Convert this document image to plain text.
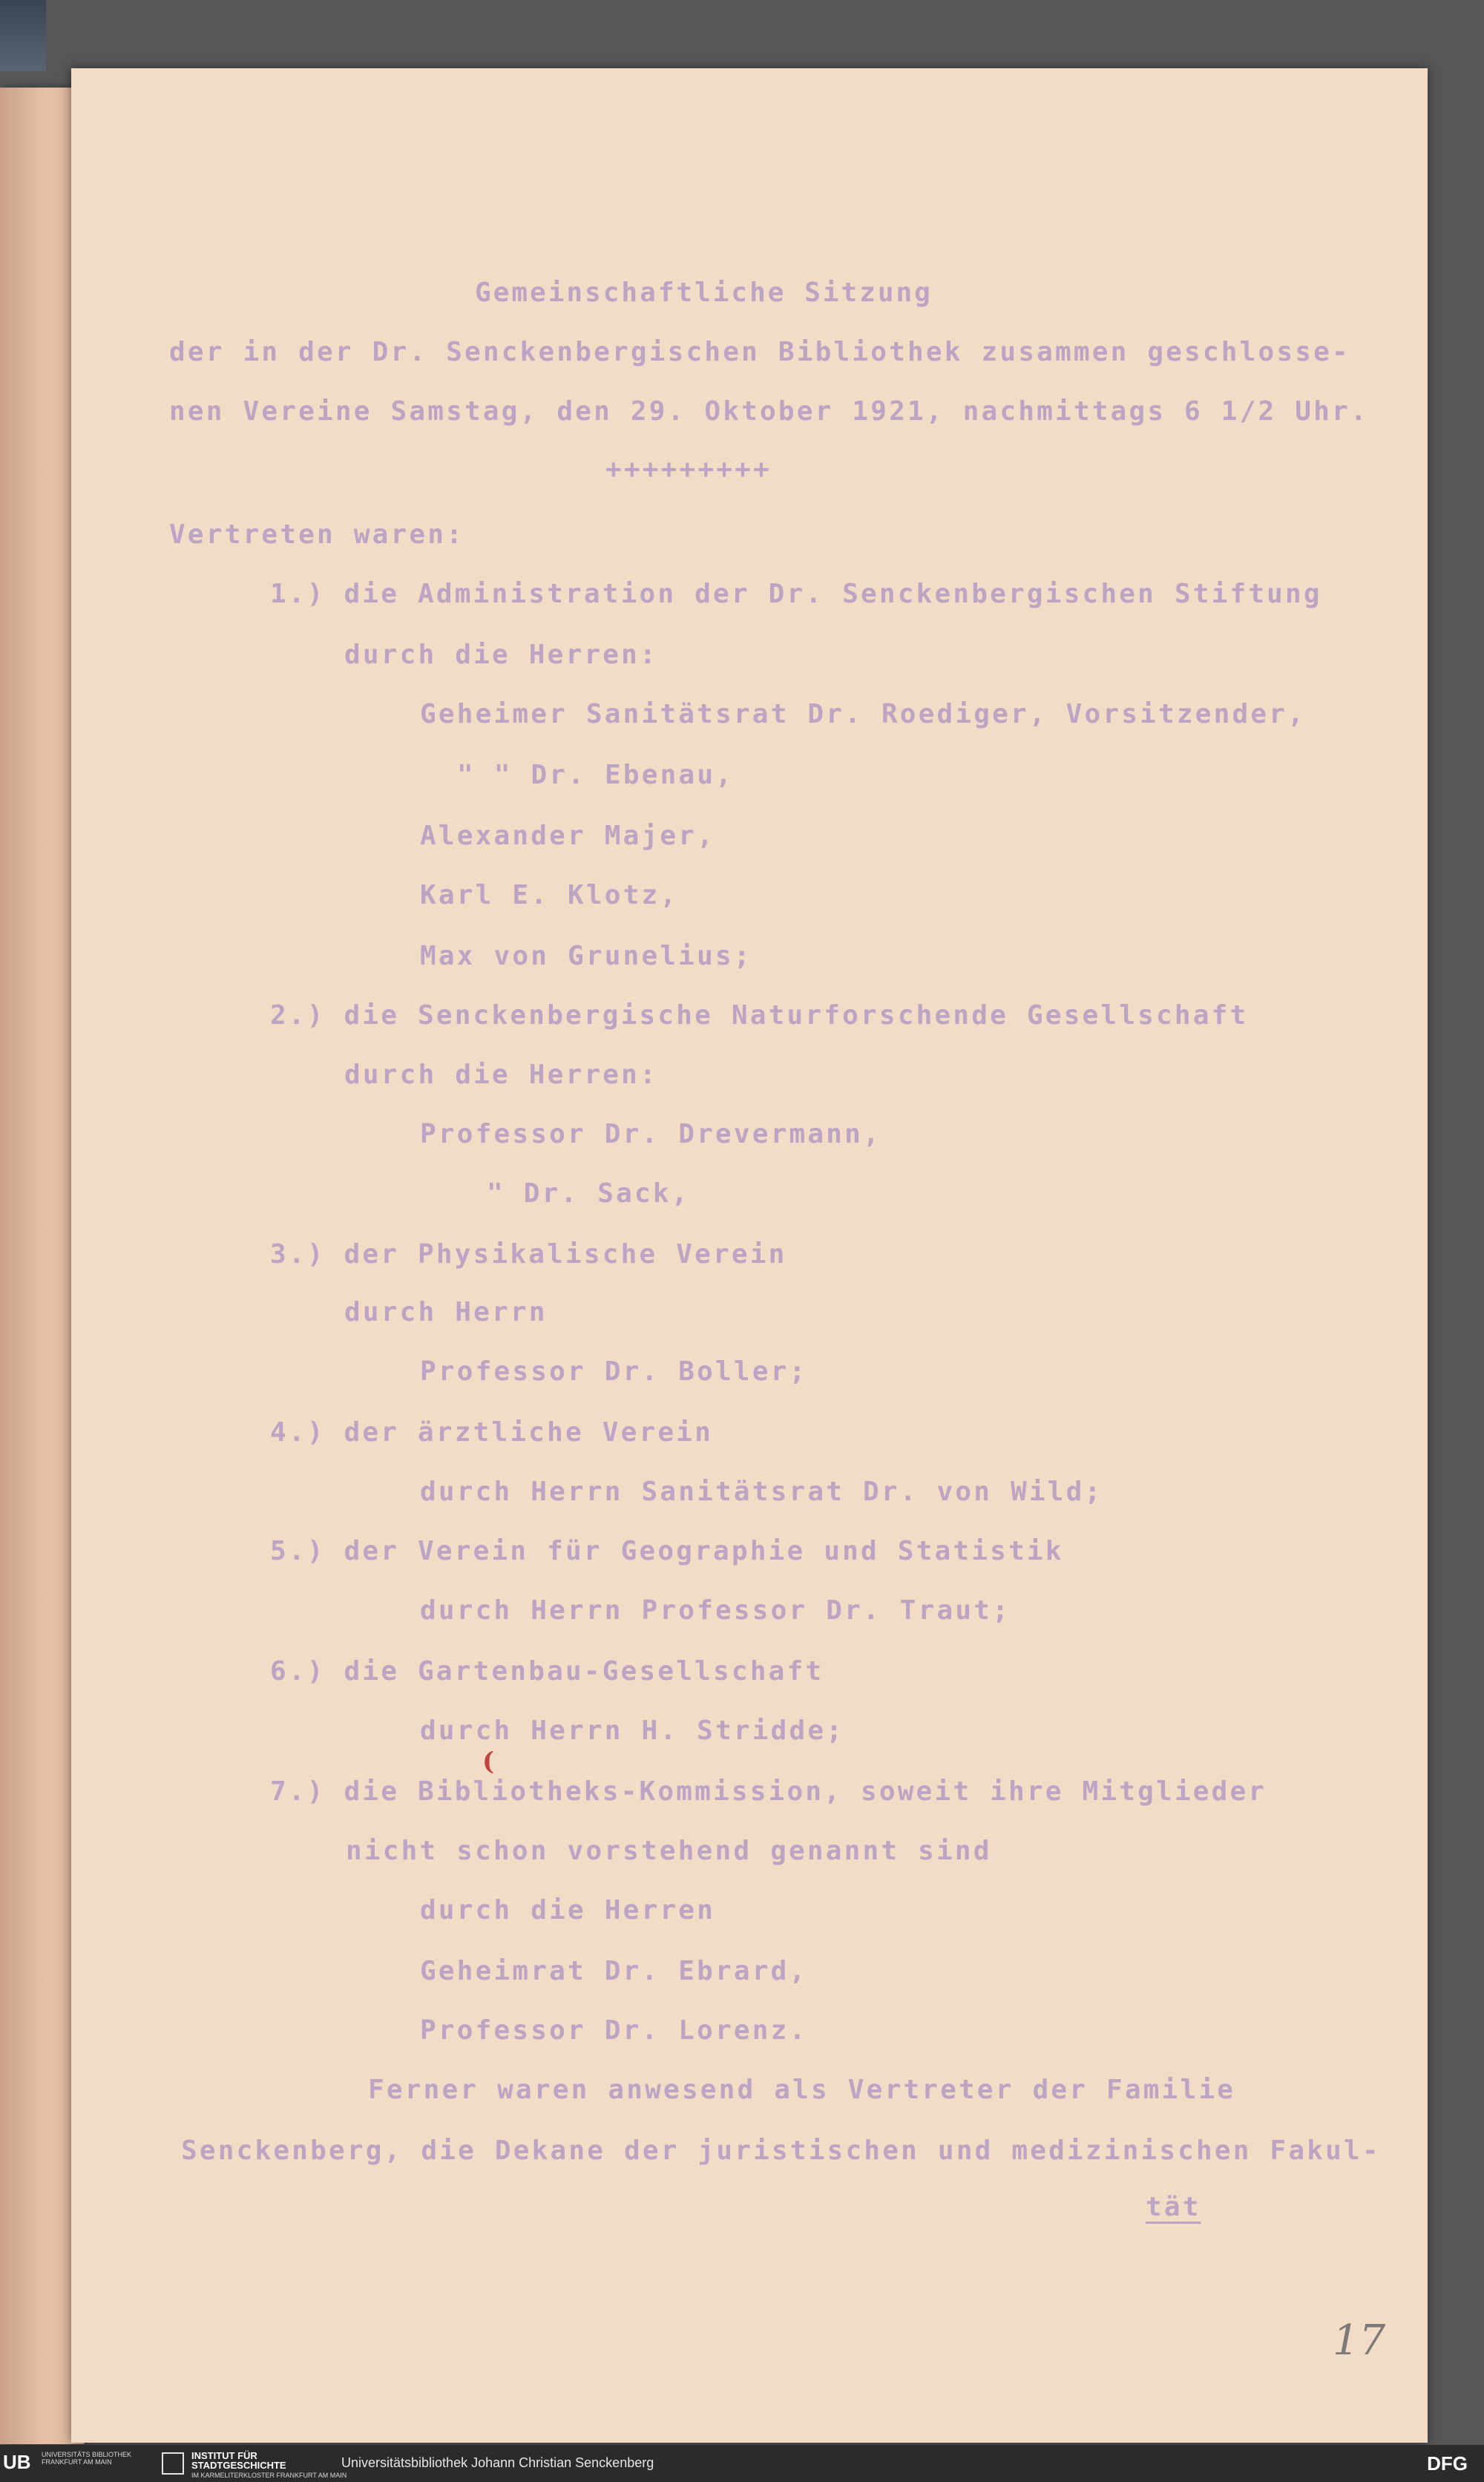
Gemeinschaftliche Sitzung
der in der Dr. Senckenbergischen Bibliothek zusammen geschlosse-
nen Vereine Samstag, den 29. Oktober 1921, nachmittags 6 1/2 Uhr.
+++++++++
Vertreten waren:
1.) die Administration der Dr. Senckenbergischen Stiftung
durch die Herren:
Geheimer Sanitätsrat Dr. Roediger, Vorsitzender,
" " Dr. Ebenau,
Alexander Majer,
Karl E. Klotz,
Max von Grunelius;
2.) die Senckenbergische Naturforschende Gesellschaft
durch die Herren:
Professor Dr. Drevermann,
" Dr. Sack,
3.) der Physikalische Verein
durch Herrn
Professor Dr. Boller;
4.) der ärztliche Verein
durch Herrn Sanitätsrat Dr. von Wild;
5.) der Verein für Geographie und Statistik
durch Herrn Professor Dr. Traut;
6.) die Gartenbau-Gesellschaft
durch Herrn H. Stridde;
(
7.) die Bibliotheks-Kommission, soweit ihre Mitglieder
nicht schon vorstehend genannt sind
durch die Herren
Geheimrat Dr. Ebrard,
Professor Dr. Lorenz.
Ferner waren anwesend als Vertreter der Familie
Senckenberg, die Dekane der juristischen und medizinischen Fakul-
tät
17
UB UNIVERSITÄTS BIBLIOTHEK FRANKFURT AM MAIN
INSTITUT FÜR STADTGESCHICHTE
IM KARMELITERKLOSTER FRANKFURT AM MAIN
Universitätsbibliothek Johann Christian Senckenberg	DFG
